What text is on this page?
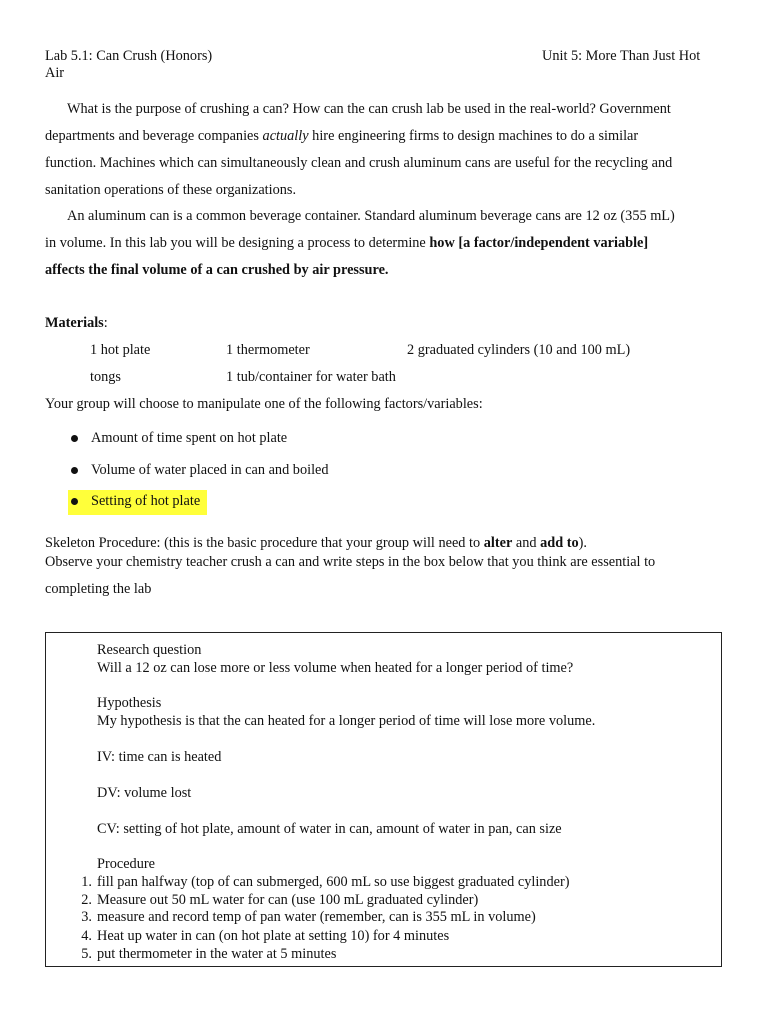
Lab 5.1: Can Crush (Honors)	Unit 5: More Than Just Hot
Air
What is the purpose of crushing a can? How can the can crush lab be used in the real-world? Government
departments and beverage companies actually hire engineering firms to design machines to do a similar
function. Machines which can simultaneously clean and crush aluminum cans are useful for the recycling and
sanitation operations of these organizations.
An aluminum can is a common beverage container. Standard aluminum beverage cans are 12 oz (355 mL)
in volume. In this lab you will be designing a process to determine how [a factor/independent variable]
affects the final volume of a can crushed by air pressure.
Materials:
1 hot plate	1 thermometer	2 graduated cylinders (10 and 100 mL)
tongs	1 tub/container for water bath
Your group will choose to manipulate one of the following factors/variables:
Amount of time spent on hot plate
Volume of water placed in can and boiled
Setting of hot plate
Skeleton Procedure: (this is the basic procedure that your group will need to alter and add to).
Observe your chemistry teacher crush a can and write steps in the box below that you think are essential to
completing the lab
Research question
Will a 12 oz can lose more or less volume when heated for a longer period of time?
Hypothesis
My hypothesis is that the can heated for a longer period of time will lose more volume.
IV: time can is heated
DV: volume lost
CV: setting of hot plate, amount of water in can, amount of water in pan, can size
Procedure
1. fill pan halfway (top of can submerged, 600 mL so use biggest graduated cylinder)
2. Measure out 50 mL water for can (use 100 mL graduated cylinder)
3. measure and record temp of pan water (remember, can is 355 mL in volume)
4. Heat up water in can (on hot plate at setting 10) for 4 minutes
5. put thermometer in the water at 5 minutes
